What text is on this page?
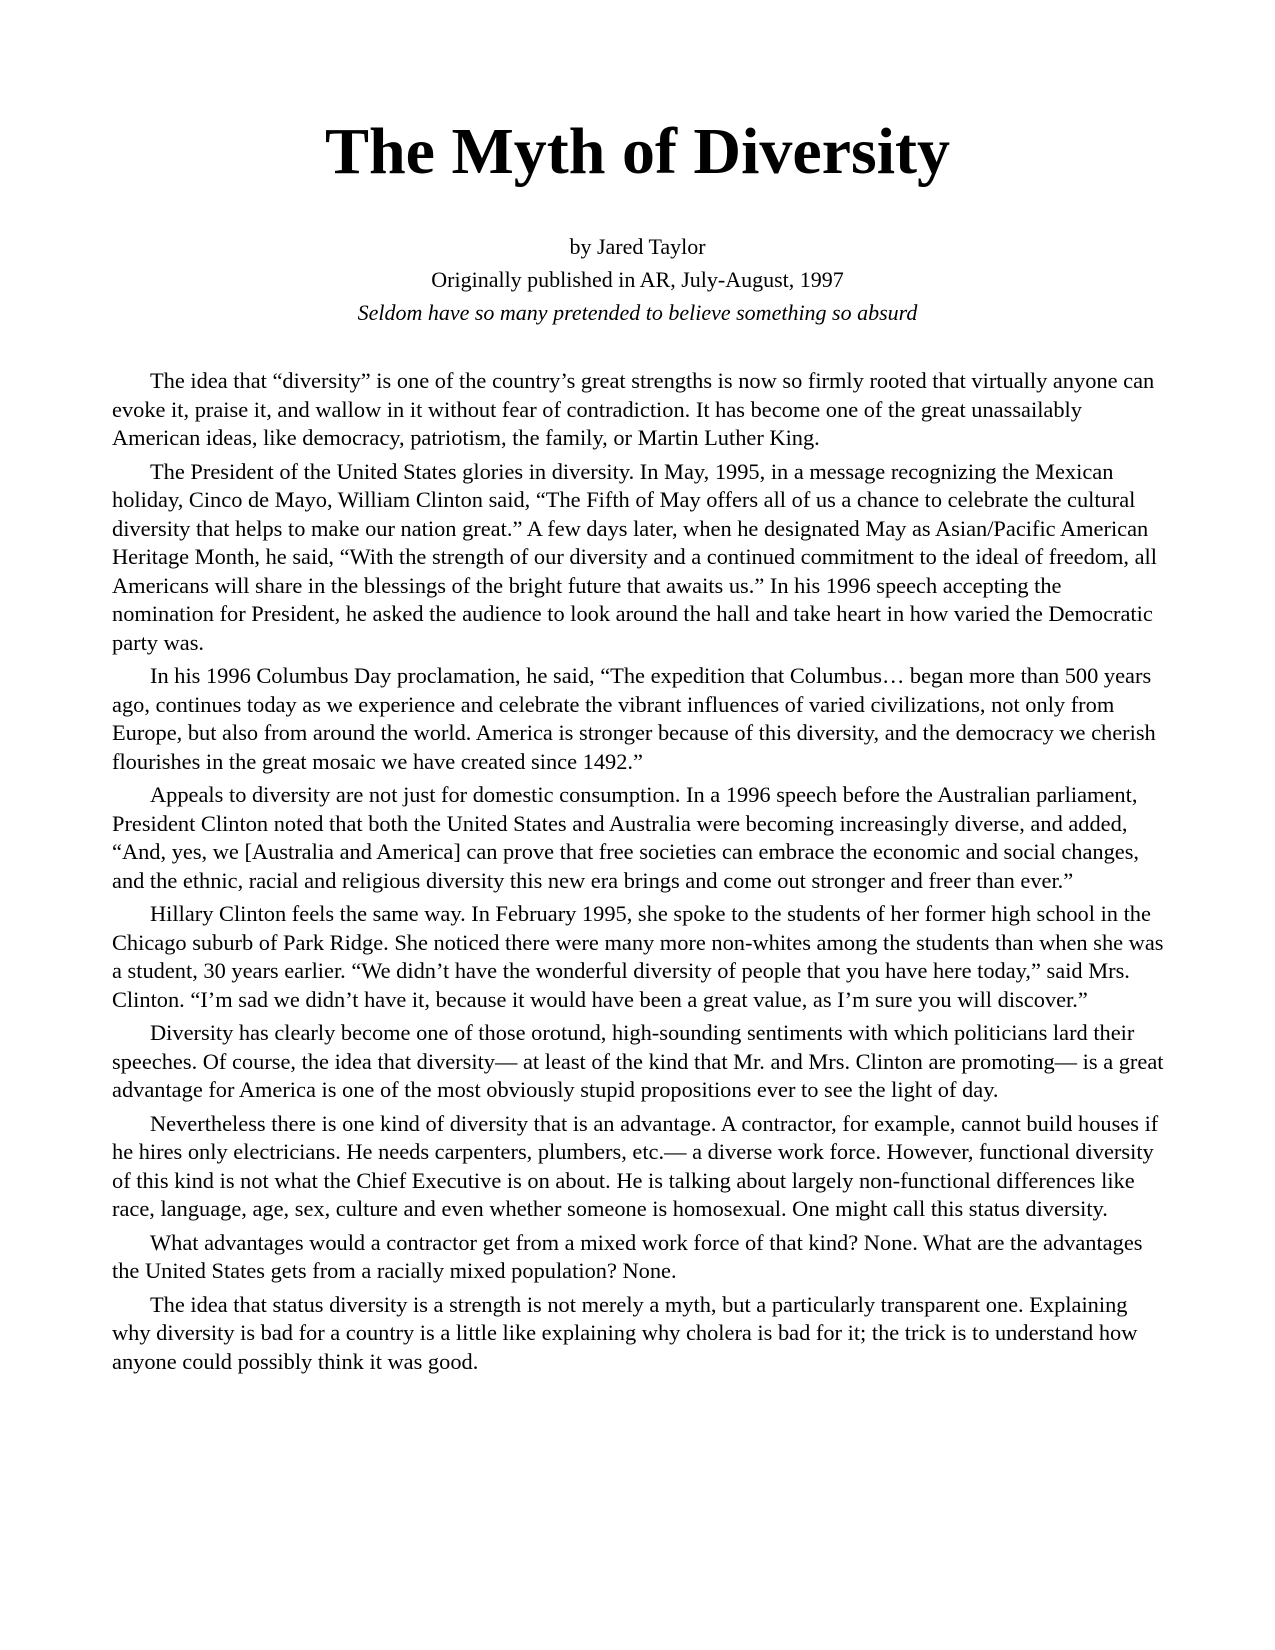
The Myth of Diversity
by Jared Taylor
Originally published in AR, July-August, 1997
Seldom have so many pretended to believe something so absurd

The idea that “diversity” is one of the country’s great strengths is now so firmly rooted that virtually anyone can evoke it, praise it, and wallow in it without fear of contradiction. It has become one of the great unassailably American ideas, like democracy, patriotism, the family, or Martin Luther King.

The President of the United States glories in diversity. In May, 1995, in a message recognizing the Mexican holiday, Cinco de Mayo, William Clinton said, “The Fifth of May offers all of us a chance to celebrate the cultural diversity that helps to make our nation great.” A few days later, when he designated May as Asian/Pacific American Heritage Month, he said, “With the strength of our diversity and a continued commitment to the ideal of freedom, all Americans will share in the blessings of the bright future that awaits us.” In his 1996 speech accepting the nomination for President, he asked the audience to look around the hall and take heart in how varied the Democratic party was.

In his 1996 Columbus Day proclamation, he said, “The expedition that Columbus… began more than 500 years ago, continues today as we experience and celebrate the vibrant influences of varied civilizations, not only from Europe, but also from around the world. America is stronger because of this diversity, and the democracy we cherish flourishes in the great mosaic we have created since 1492.”

Appeals to diversity are not just for domestic consumption. In a 1996 speech before the Australian parliament, President Clinton noted that both the United States and Australia were becoming increasingly diverse, and added, “And, yes, we [Australia and America] can prove that free societies can embrace the economic and social changes, and the ethnic, racial and religious diversity this new era brings and come out stronger and freer than ever.”

Hillary Clinton feels the same way. In February 1995, she spoke to the students of her former high school in the Chicago suburb of Park Ridge. She noticed there were many more non-whites among the students than when she was a student, 30 years earlier. “We didn’t have the wonderful diversity of people that you have here today,” said Mrs. Clinton. “I’m sad we didn’t have it, because it would have been a great value, as I’m sure you will discover.”

Diversity has clearly become one of those orotund, high-sounding sentiments with which politicians lard their speeches. Of course, the idea that diversity— at least of the kind that Mr. and Mrs. Clinton are promoting— is a great advantage for America is one of the most obviously stupid propositions ever to see the light of day.

Nevertheless there is one kind of diversity that is an advantage. A contractor, for example, cannot build houses if he hires only electricians. He needs carpenters, plumbers, etc.— a diverse work force. However, functional diversity of this kind is not what the Chief Executive is on about. He is talking about largely non-functional differences like race, language, age, sex, culture and even whether someone is homosexual. One might call this status diversity.

What advantages would a contractor get from a mixed work force of that kind? None. What are the advantages the United States gets from a racially mixed population? None.

The idea that status diversity is a strength is not merely a myth, but a particularly transparent one. Explaining why diversity is bad for a country is a little like explaining why cholera is bad for it; the trick is to understand how anyone could possibly think it was good.
